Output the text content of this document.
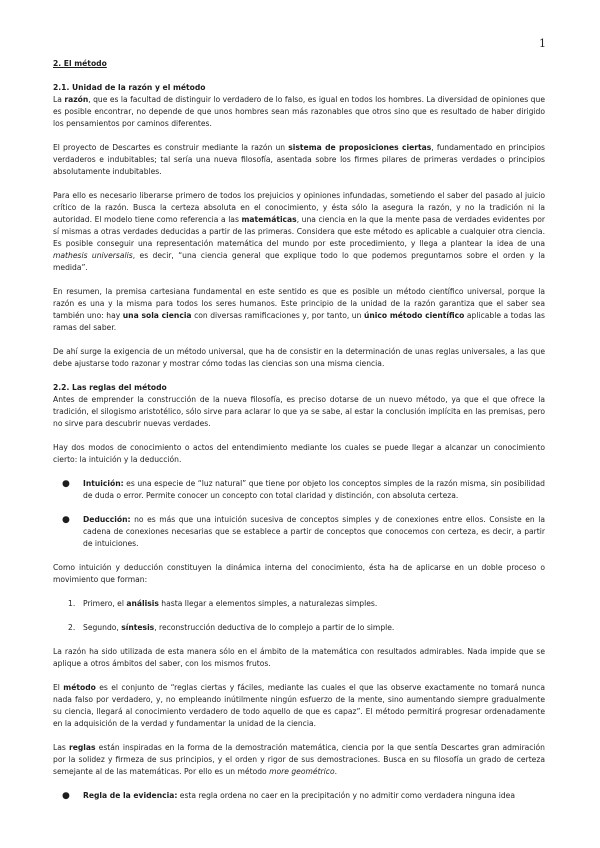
1
2. El método
2.1. Unidad de la razón y el método

La razón, que es la facultad de distinguir lo verdadero de lo falso, es igual en todos los hombres. La diversidad de opiniones que es posible encontrar, no depende de que unos hombres sean más razonables que otros sino que es resultado de haber dirigido los pensamientos por caminos diferentes.

El proyecto de Descartes es construir mediante la razón un sistema de proposiciones ciertas, fundamentado en principios verdaderos e indubitables; tal sería una nueva filosofía, asentada sobre los firmes pilares de primeras verdades o principios absolutamente indubitables.

Para ello es necesario liberarse primero de todos los prejuicios y opiniones infundadas, sometiendo el saber del pasado al juicio crítico de la razón. Busca la certeza absoluta en el conocimiento, y ésta sólo la asegura la razón, y no la tradición ni la autoridad. El modelo tiene como referencia a las matemáticas, una ciencia en la que la mente pasa de verdades evidentes por sí mismas a otras verdades deducidas a partir de las primeras. Considera que este método es aplicable a cualquier otra ciencia. Es posible conseguir una representación matemática del mundo por este procedimiento, y llega a plantear la idea de una mathesis universalis, es decir, “una ciencia general que explique todo lo que podemos preguntarnos sobre el orden y la medida”.

En resumen, la premisa cartesiana fundamental en este sentido es que es posible un método científico universal, porque la razón es una y la misma para todos los seres humanos. Este principio de la unidad de la razón garantiza que el saber sea también uno: hay una sola ciencia con diversas ramificaciones y, por tanto, un único método científico aplicable a todas las ramas del saber.

De ahí surge la exigencia de un método universal, que ha de consistir en la determinación de unas reglas universales, a las que debe ajustarse todo razonar y mostrar cómo todas las ciencias son una misma ciencia.

2.2. Las reglas del método

Antes de emprender la construcción de la nueva filosofía, es preciso dotarse de un nuevo método, ya que el que ofrece la tradición, el silogismo aristotélico, sólo sirve para aclarar lo que ya se sabe, al estar la conclusión implícita en las premisas, pero no sirve para descubrir nuevas verdades.

Hay dos modos de conocimiento o actos del entendimiento mediante los cuales se puede llegar a alcanzar un conocimiento cierto: la intuición y la deducción.

● Intuición: es una especie de “luz natural” que tiene por objeto los conceptos simples de la razón misma, sin posibilidad de duda o error. Permite conocer un concepto con total claridad y distinción, con absoluta certeza.
● Deducción: no es más que una intuición sucesiva de conceptos simples y de conexiones entre ellos. Consiste en la cadena de conexiones necesarias que se establece a partir de conceptos que conocemos con certeza, es decir, a partir de intuiciones.

Como intuición y deducción constituyen la dinámica interna del conocimiento, ésta ha de aplicarse en un doble proceso o movimiento que forman:

1. Primero, el análisis hasta llegar a elementos simples, a naturalezas simples.
2. Segundo, síntesis, reconstrucción deductiva de lo complejo a partir de lo simple.

La razón ha sido utilizada de esta manera sólo en el ámbito de la matemática con resultados admirables. Nada impide que se aplique a otros ámbitos del saber, con los mismos frutos.

El método es el conjunto de “reglas ciertas y fáciles, mediante las cuales el que las observe exactamente no tomará nunca nada falso por verdadero, y, no empleando inútilmente ningún esfuerzo de la mente, sino aumentando siempre gradualmente su ciencia, llegará al conocimiento verdadero de todo aquello de que es capaz”. El método permitirá progresar ordenadamente en la adquisición de la verdad y fundamentar la unidad de la ciencia.

Las reglas están inspiradas en la forma de la demostración matemática, ciencia por la que sentía Descartes gran admiración por la solidez y firmeza de sus principios, y el orden y rigor de sus demostraciones. Busca en su filosofía un grado de certeza semejante al de las matemáticas. Por ello es un método more geométrico.

● Regla de la evidencia: esta regla ordena no caer en la precipitación y no admitir como verdadera ninguna idea
